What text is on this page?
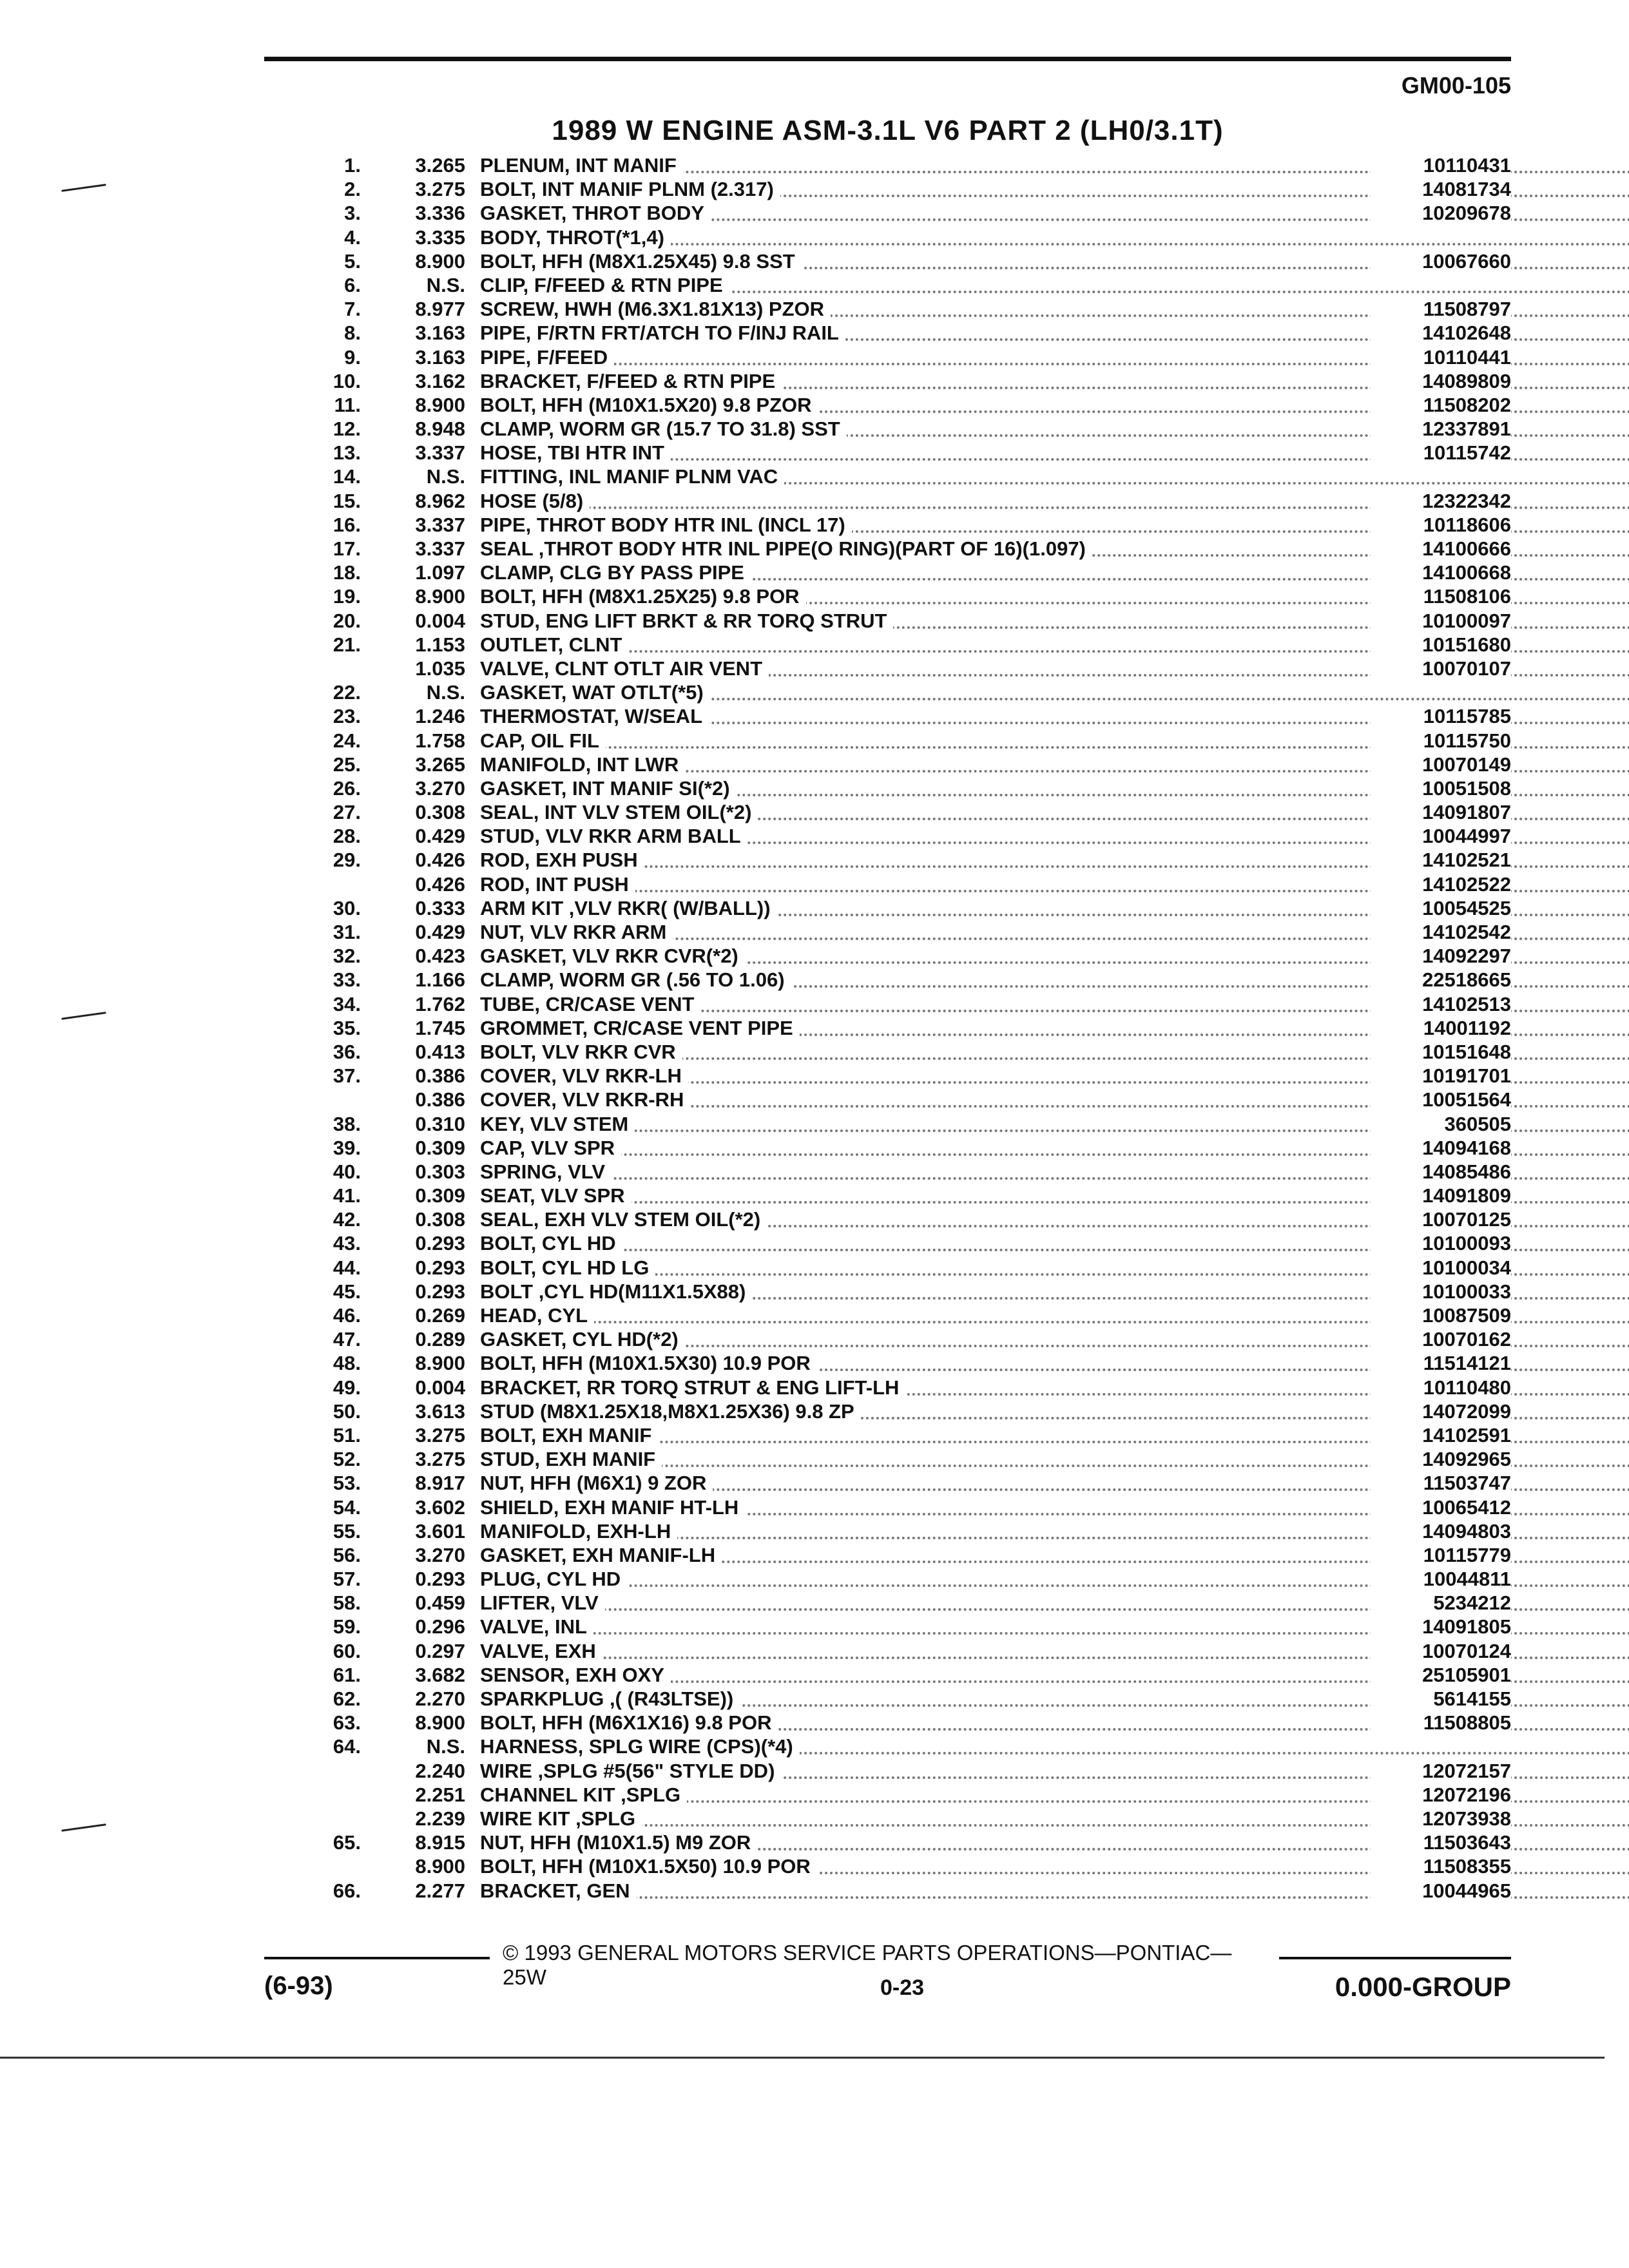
GM00-105
1989 W ENGINE ASM-3.1L V6 PART 2 (LH0/3.1T)
1.	3.265 PLENUM, INT MANIF	10110431
2.	3.275 BOLT, INT MANIF PLNM (2.317)	14081734
3.	3.336 GASKET, THROT BODY	10209678
4.	3.335 BODY, THROT(*1,4)
5.	8.900 BOLT, HFH (M8X1.25X45) 9.8 SST	10067660
6.	N.S. CLIP, F/FEED & RTN PIPE
7.	8.977 SCREW, HWH (M6.3X1.81X13) PZOR	11508797
8.	3.163 PIPE, F/RTN FRT/ATCH TO F/INJ RAIL	14102648
9.	3.163 PIPE, F/FEED	10110441
10.	3.162 BRACKET, F/FEED & RTN PIPE	14089809
11.	8.900 BOLT, HFH (M10X1.5X20) 9.8 PZOR	11508202
12.	8.948 CLAMP, WORM GR (15.7 TO 31.8) SST	12337891
13.	3.337 HOSE, TBI HTR INT	10115742
14.	N.S. FITTING, INL MANIF PLNM VAC
15.	8.962 HOSE (5/8)	12322342
16.	3.337 PIPE, THROT BODY HTR INL (INCL 17)	10118606
17.	3.337 SEAL ,THROT BODY HTR INL PIPE(O RING)(PART OF 16)(1.097)	14100666
18.	1.097 CLAMP, CLG BY PASS PIPE	14100668
19.	8.900 BOLT, HFH (M8X1.25X25) 9.8 POR	11508106
20.	0.004 STUD, ENG LIFT BRKT & RR TORQ STRUT	10100097
21.	1.153 OUTLET, CLNT	10151680
1.035 VALVE, CLNT OTLT AIR VENT	10070107
22.	N.S. GASKET, WAT OTLT(*5)
23.	1.246 THERMOSTAT, W/SEAL	10115785
24.	1.758 CAP, OIL FIL	10115750
25.	3.265 MANIFOLD, INT LWR	10070149
26.	3.270 GASKET, INT MANIF SI(*2)	10051508
27.	0.308 SEAL, INT VLV STEM OIL(*2)	14091807
28.	0.429 STUD, VLV RKR ARM BALL	10044997
29.	0.426 ROD, EXH PUSH	14102521
0.426 ROD, INT PUSH	14102522
30.	0.333 ARM KIT ,VLV RKR( (W/BALL))	10054525
31.	0.429 NUT, VLV RKR ARM	14102542
32.	0.423 GASKET, VLV RKR CVR(*2)	14092297
33.	1.166 CLAMP, WORM GR (.56 TO 1.06)	22518665
34.	1.762 TUBE, CR/CASE VENT	14102513
35.	1.745 GROMMET, CR/CASE VENT PIPE	14001192
36.	0.413 BOLT, VLV RKR CVR	10151648
37.	0.386 COVER, VLV RKR-LH	10191701
0.386 COVER, VLV RKR-RH	10051564
38.	0.310 KEY, VLV STEM	360505
39.	0.309 CAP, VLV SPR	14094168
40.	0.303 SPRING, VLV	14085486
41.	0.309 SEAT, VLV SPR	14091809
42.	0.308 SEAL, EXH VLV STEM OIL(*2)	10070125
43.	0.293 BOLT, CYL HD	10100093
44.	0.293 BOLT, CYL HD LG	10100034
45.	0.293 BOLT ,CYL HD(M11X1.5X88)	10100033
46.	0.269 HEAD, CYL	10087509
47.	0.289 GASKET, CYL HD(*2)	10070162
48.	8.900 BOLT, HFH (M10X1.5X30) 10.9 POR	11514121
49.	0.004 BRACKET, RR TORQ STRUT & ENG LIFT-LH	10110480
50.	3.613 STUD (M8X1.25X18,M8X1.25X36) 9.8 ZP	14072099
51.	3.275 BOLT, EXH MANIF	14102591
52.	3.275 STUD, EXH MANIF	14092965
53.	8.917 NUT, HFH (M6X1) 9 ZOR	11503747
54.	3.602 SHIELD, EXH MANIF HT-LH	10065412
55.	3.601 MANIFOLD, EXH-LH	14094803
56.	3.270 GASKET, EXH MANIF-LH	10115779
57.	0.293 PLUG, CYL HD	10044811
58.	0.459 LIFTER, VLV	5234212
59.	0.296 VALVE, INL	14091805
60.	0.297 VALVE, EXH	10070124
61.	3.682 SENSOR, EXH OXY	25105901
62.	2.270 SPARKPLUG ,( (R43LTSE))	5614155
63.	8.900 BOLT, HFH (M6X1X16) 9.8 POR	11508805
64.	N.S. HARNESS, SPLG WIRE (CPS)(*4)
2.240 WIRE ,SPLG #5(56" STYLE DD)	12072157
2.251 CHANNEL KIT ,SPLG	12072196
2.239 WIRE KIT ,SPLG	12073938
65.	8.915 NUT, HFH (M10X1.5) M9 ZOR	11503643
8.900 BOLT, HFH (M10X1.5X50) 10.9 POR	11508355
66.	2.277 BRACKET, GEN	10044965
© 1993 GENERAL MOTORS SERVICE PARTS OPERATIONS—PONTIAC—25W
(6-93)	0-23	0.000-GROUP
